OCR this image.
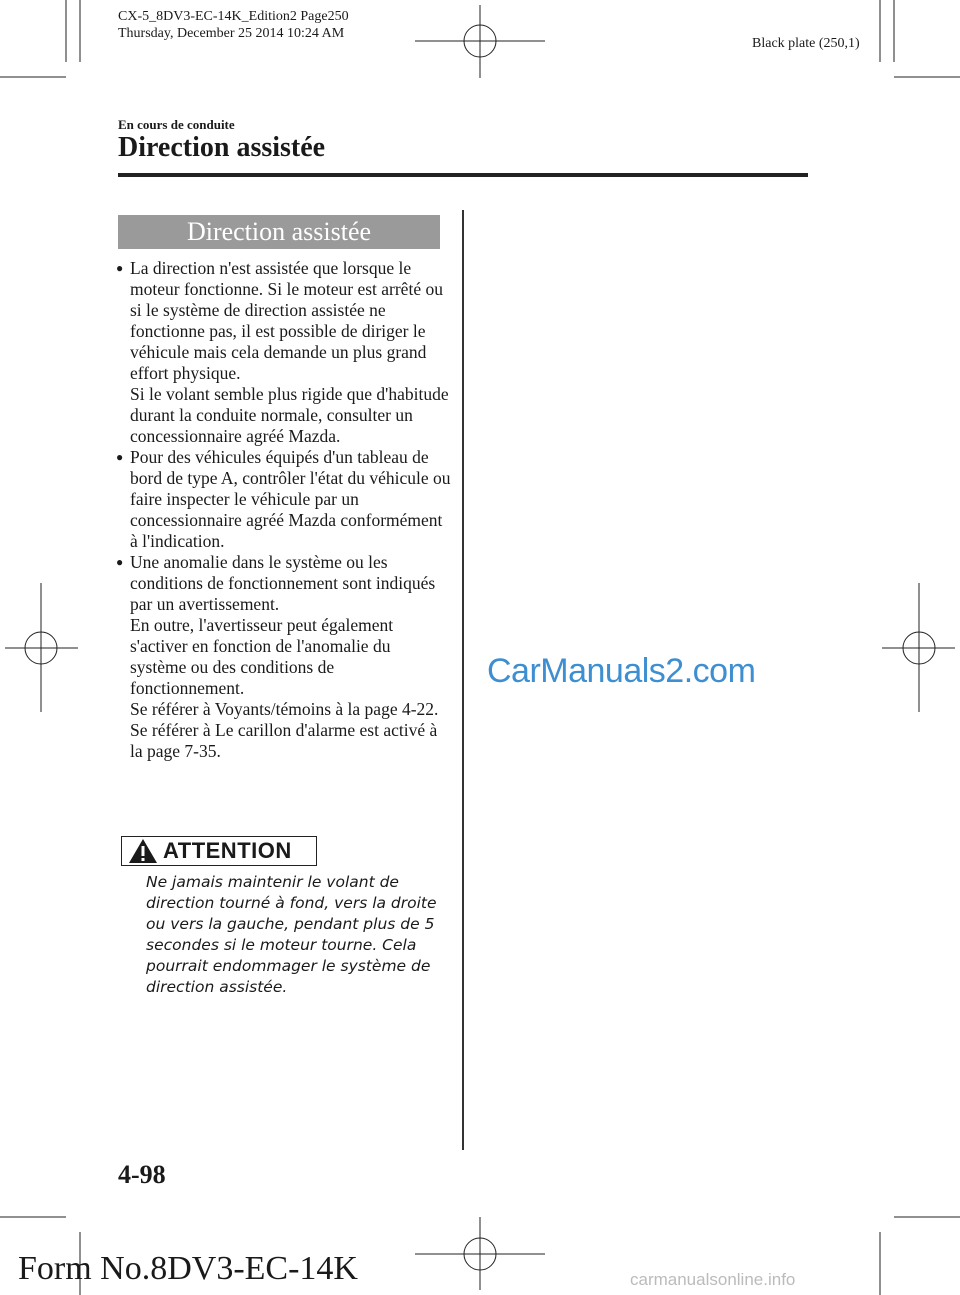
CX-5_8DV3-EC-14K_Edition2 Page250
Thursday, December 25 2014 10:24 AM
Black plate (250,1)
En cours de conduite
Direction assistée
Direction assistée
● La direction n'est assistée que lorsque le moteur fonctionne. Si le moteur est arrêté ou si le système de direction assistée ne fonctionne pas, il est possible de diriger le véhicule mais cela demande un plus grand effort physique.

Si le volant semble plus rigide que d'habitude durant la conduite normale, consulter un concessionnaire agréé Mazda.

● Pour des véhicules équipés d'un tableau de bord de type A, contrôler l'état du véhicule ou faire inspecter le véhicule par un concessionnaire agréé Mazda conformément à l'indication.

● Une anomalie dans le système ou les conditions de fonctionnement sont indiqués par un avertissement.

En outre, l'avertisseur peut également s'activer en fonction de l'anomalie du système ou des conditions de fonctionnement.

Se référer à Voyants/témoins à la page 4-22.

Se référer à Le carillon d'alarme est activé à la page 7-35.

ATTENTION

Ne jamais maintenir le volant de direction tourné à fond, vers la droite ou vers la gauche, pendant plus de 5 secondes si le moteur tourne. Cela pourrait endommager le système de direction assistée.

CarManuals2.com
4-98
Form No.8DV3-EC-14K	carmanualsonline.info
